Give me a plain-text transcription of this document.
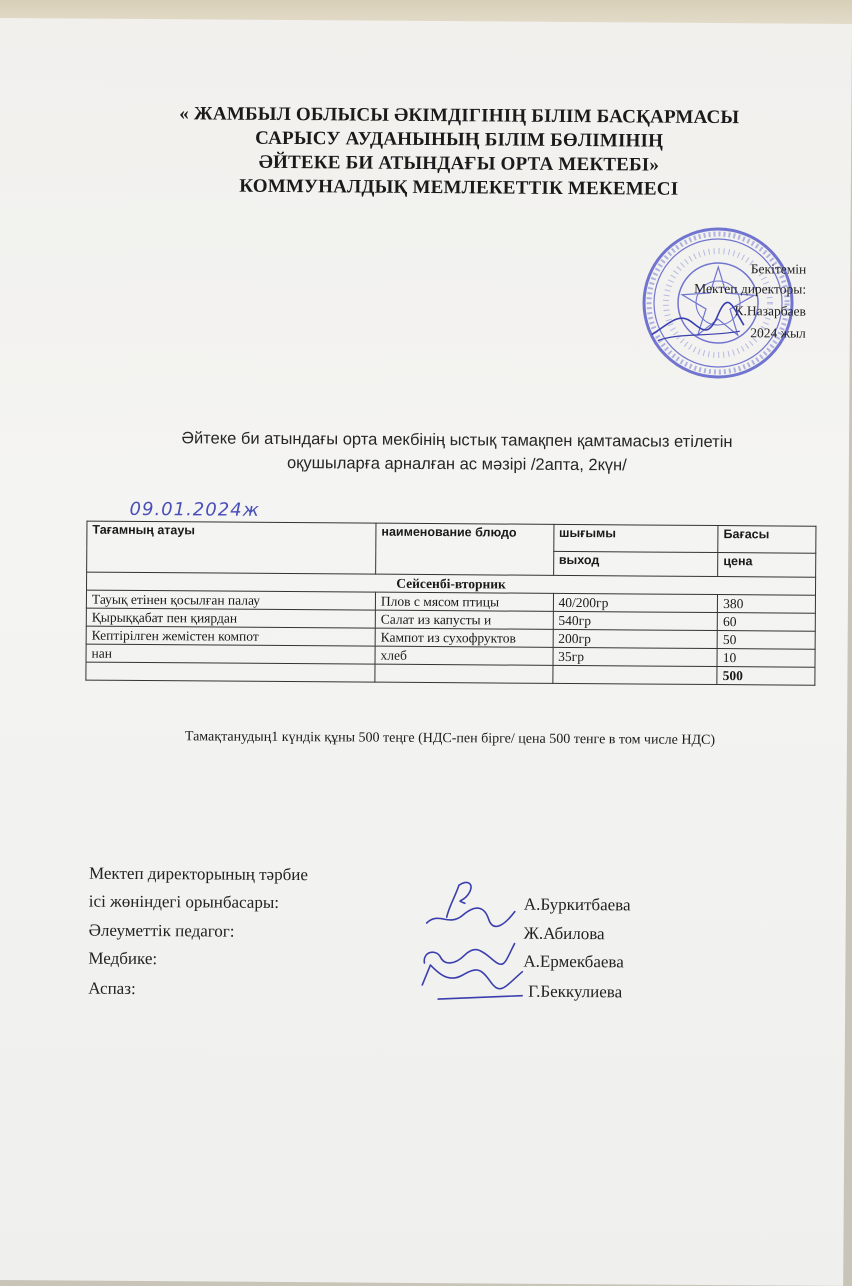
« ЖАМБЫЛ ОБЛЫСЫ ӘКІМДІГІНІҢ БІЛІМ БАСҚАРМАСЫ
САРЫСУ АУДАНЫНЫҢ БІЛІМ БӨЛІМІНІҢ
ӘЙТЕКЕ БИ АТЫНДАҒЫ ОРТА МЕКТЕБІ»
КОММУНАЛДЫҚ МЕМЛЕКЕТТІК МЕКЕМЕСІ
Бекітемін
Мектеп директоры:
К.Назарбаев
2024 жыл
Әйтеке би атындағы орта мекбінің ыстық тамақпен қамтамасыз етілетін
оқушыларға арналған ас мәзірі /2апта, 2күн/
09.01.2024ж
Тағамның атауы	наименование блюдо	шығымы	Бағасы
		выход	цена
Сейсенбі-вторник			
Тауық етінен қосылған палау	Плов с мясом птицы	40/200гр	380
Қырыққабат пен қиярдан	Салат из капусты и	540гр	60
Кептірілген жемістен компот	Кампот из сухофруктов	200гр	50
нан	хлеб	35гр	10
			500
Тамақтанудың1 күндік құны 500 теңге (НДС-пен бірге/ цена 500 тенге в том числе НДС)
Мектеп директорының тәрбие
ісі жөніндегі орынбасары:	А.Буркитбаева
Әлеуметтік педагог:	Ж.Абилова
Медбике:	А.Ермекбаева
Аспаз:	Г.Беккулиева
